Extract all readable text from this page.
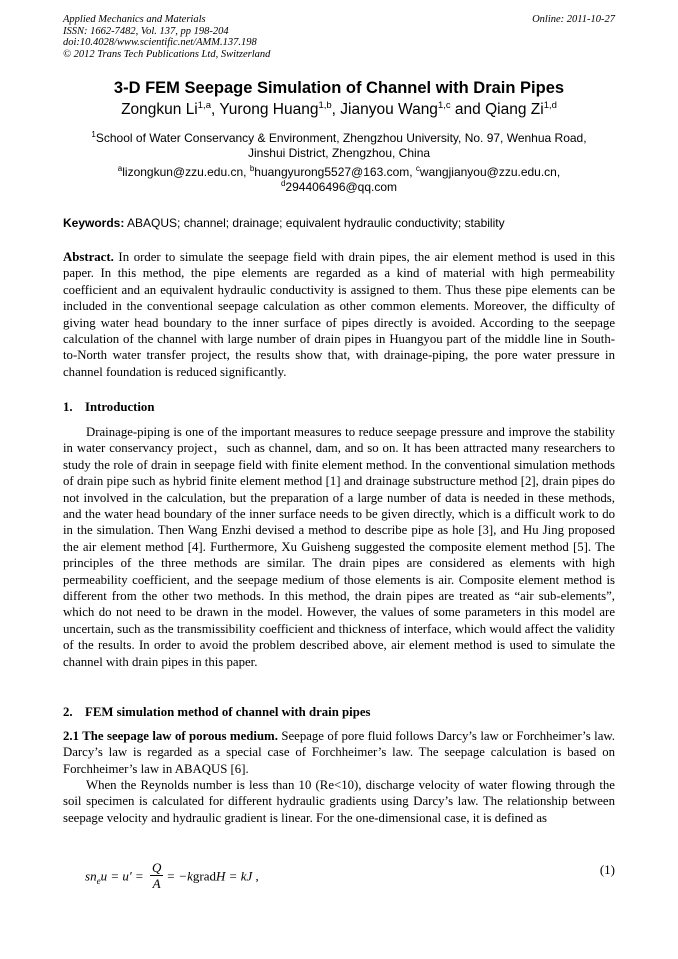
Applied Mechanics and Materials
ISSN: 1662-7482, Vol. 137, pp 198-204
doi:10.4028/www.scientific.net/AMM.137.198
© 2012 Trans Tech Publications Ltd, Switzerland
Online: 2011-10-27
3-D FEM Seepage Simulation of Channel with Drain Pipes
Zongkun Li$^{1,a}$, Yurong Huang$^{1,b}$, Jianyou Wang$^{1,c}$ and Qiang Zi$^{1,d}$
$^1$School of Water Conservancy & Environment, Zhengzhou University, No. 97, Wenhua Road,
Jinshui District, Zhengzhou, China
$^a$lizongkun@zzu.edu.cn, $^b$huangyurong5527@163.com, $^c$wangjianyou@zzu.edu.cn,
$^d$294406496@qq.com
Keywords: ABAQUS; channel; drainage; equivalent hydraulic conductivity; stability
Abstract. In order to simulate the seepage field with drain pipes, the air element method is used in this paper. In this method, the pipe elements are regarded as a kind of material with high permeability coefficient and an equivalent hydraulic conductivity is assigned to them. Thus these pipe elements can be included in the conventional seepage calculation as other common elements. Moreover, the difficulty of giving water head boundary to the inner surface of pipes directly is avoided. According to the seepage calculation of the channel with large number of drain pipes in Huangyou part of the middle line in South-to-North water transfer project, the results show that, with drainage-piping, the pore water pressure in channel foundation is reduced significantly.
1. Introduction
Drainage-piping is one of the important measures to reduce seepage pressure and improve the stability in water conservancy project，such as channel, dam, and so on. It has been attracted many researchers to study the role of drain in seepage field with finite element method. In the conventional simulation methods of drain pipe such as hybrid finite element method [1] and drainage substructure method [2], drain pipes do not involved in the calculation, but the preparation of a large number of data is needed in these methods, and the water head boundary of the inner surface needs to be given directly, which is a difficult work to do in the simulation. Then Wang Enzhi devised a method to describe pipe as hole [3], and Hu Jing proposed the air element method [4]. Furthermore, Xu Guisheng suggested the composite element method [5]. The principles of the three methods are similar. The drain pipes are considered as elements with high permeability coefficient, and the seepage medium of those elements is air. Composite element method is different from the other two methods. In this method, the drain pipes are treated as “air sub-elements”, which do not need to be drawn in the model. However, the values of some parameters in this model are uncertain, such as the transmissibility coefficient and thickness of interface, which would affect the validity of the results. In order to avoid the problem described above, air element method is used to simulate the channel with drain pipes in this paper.
2. FEM simulation method of channel with drain pipes
2.1 The seepage law of porous medium. Seepage of pore fluid follows Darcy’s law or Forchheimer’s law. Darcy’s law is regarded as a special case of Forchheimer’s law. The seepage calculation is based on Forchheimer’s law in ABAQUS [6].
When the Reynolds number is less than 10 (Re<10), discharge velocity of water flowing through the soil specimen is calculated for different hydraulic gradients using Darcy’s law. The relationship between seepage velocity and hydraulic gradient is linear. For the one-dimensional case, it is defined as
$sn_eu = u' = \frac{Q}{A}$ = −kgradH = kJ ,	(1)
